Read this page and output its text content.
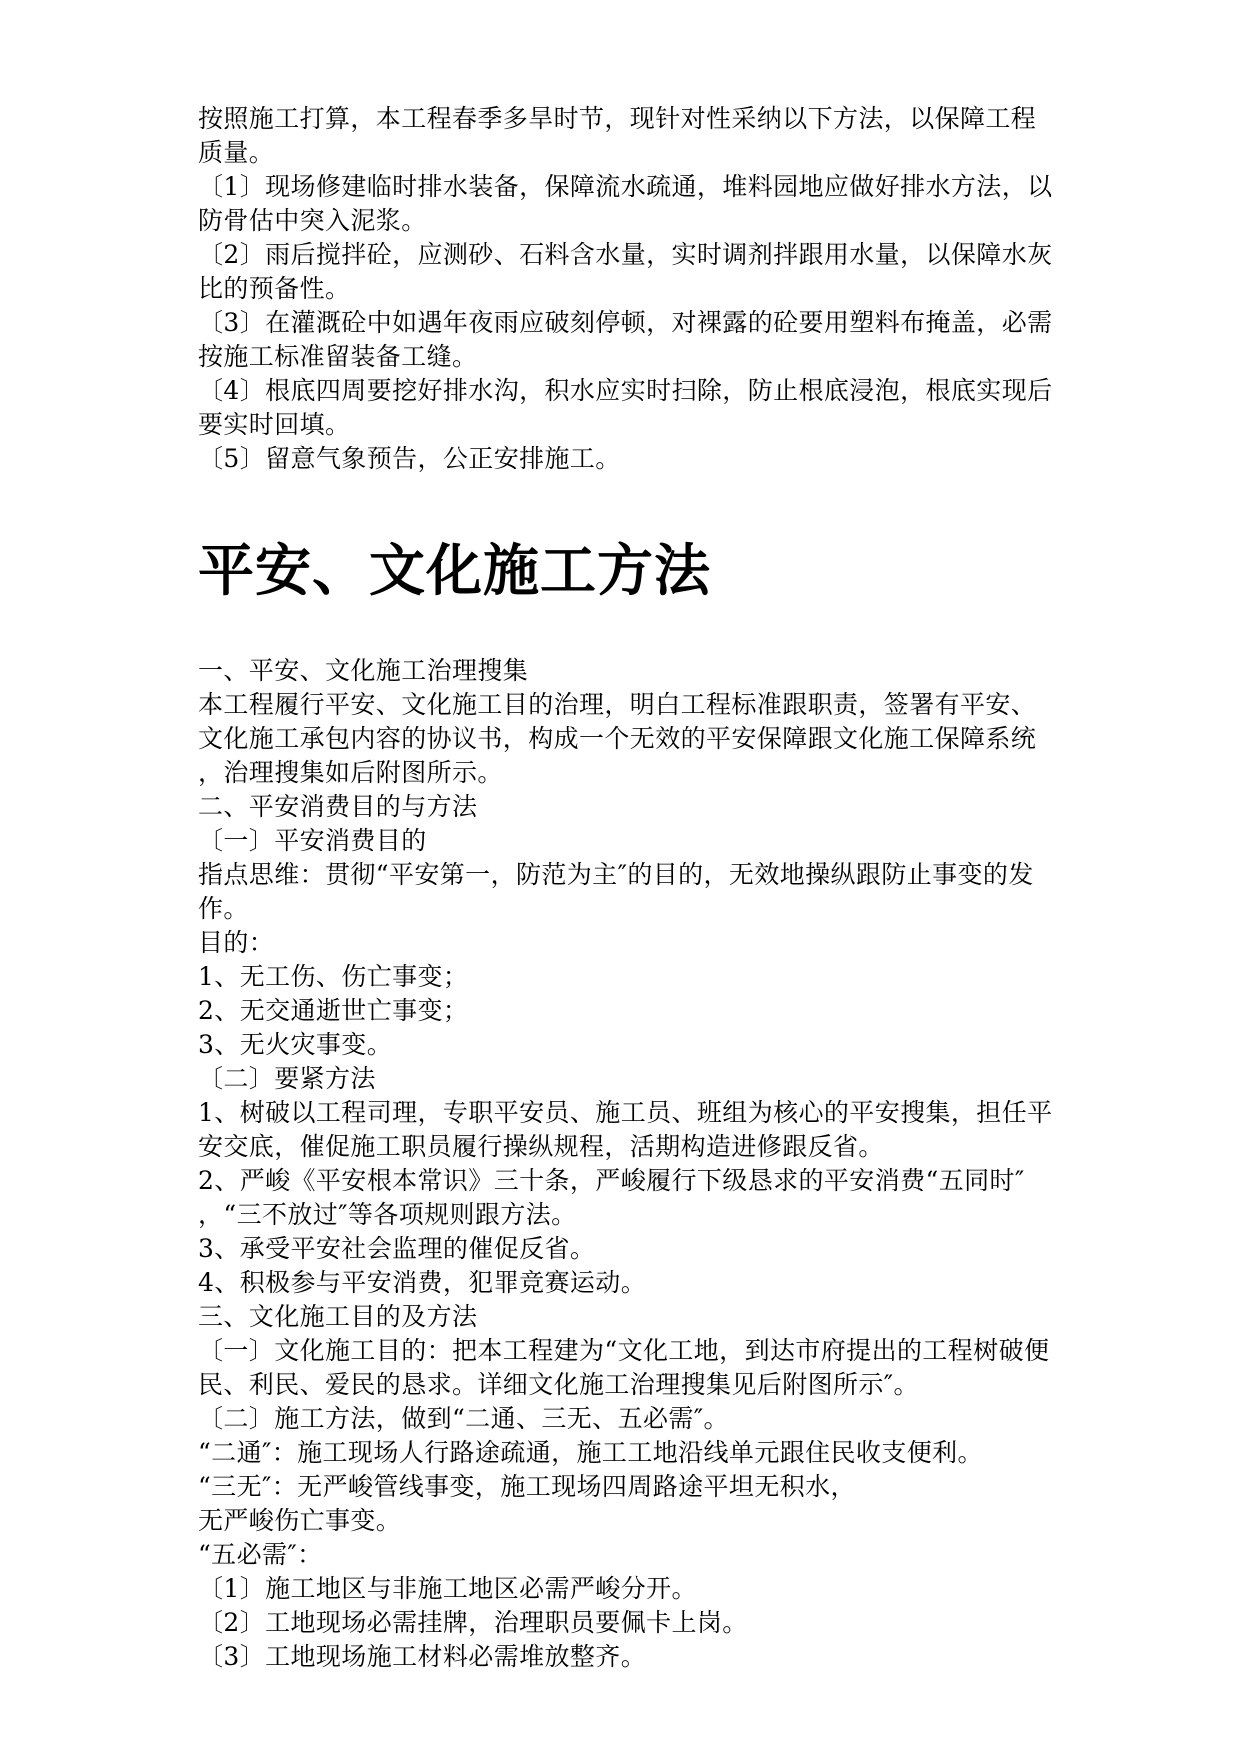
按照施工打算，本工程春季多旱时节，现针对性采纳以下方法，以保障工程

质量。

〔1〕现场修建临时排水装备，保障流水疏通，堆料园地应做好排水方法，以

防骨估中突入泥浆。

〔2〕雨后搅拌砼，应测砂、石料含水量，实时调剂拌跟用水量，以保障水灰

比的预备性。

〔3〕在灌溉砼中如遇年夜雨应破刻停顿，对裸露的砼要用塑料布掩盖，必需

按施工标准留装备工缝。

〔4〕根底四周要挖好排水沟，积水应实时扫除，防止根底浸泡，根底实现后

要实时回填。

〔5〕留意气象预告，公正安排施工。

平安、文化施工方法

一、平安、文化施工治理搜集

本工程履行平安、文化施工目的治理，明白工程标准跟职责，签署有平安、

文化施工承包内容的协议书，构成一个无效的平安保障跟文化施工保障系统

，治理搜集如后附图所示。

二、平安消费目的与方法

〔一〕平安消费目的

指点思维：贯彻“平安第一，防范为主″的目的，无效地操纵跟防止事变的发

作。

目的：

1、无工伤、伤亡事变；

2、无交通逝世亡事变；

3、无火灾事变。

〔二〕要紧方法

1、树破以工程司理，专职平安员、施工员、班组为核心的平安搜集，担任平

安交底，催促施工职员履行操纵规程，活期构造进修跟反省。

2、严峻《平安根本常识》三十条，严峻履行下级恳求的平安消费“五同时″

，“三不放过″等各项规则跟方法。

3、承受平安社会监理的催促反省。

4、积极参与平安消费，犯罪竞赛运动。

三、文化施工目的及方法

〔一〕文化施工目的：把本工程建为“文化工地，到达市府提出的工程树破便

民、利民、爱民的恳求。详细文化施工治理搜集见后附图所示″。

〔二〕施工方法，做到“二通、三无、五必需″。

“二通″：施工现场人行路途疏通，施工工地沿线单元跟住民收支便利。

“三无″：无严峻管线事变，施工现场四周路途平坦无积水，

无严峻伤亡事变。

“五必需″：

〔1〕施工地区与非施工地区必需严峻分开。

〔2〕工地现场必需挂牌，治理职员要佩卡上岗。

〔3〕工地现场施工材料必需堆放整齐。
